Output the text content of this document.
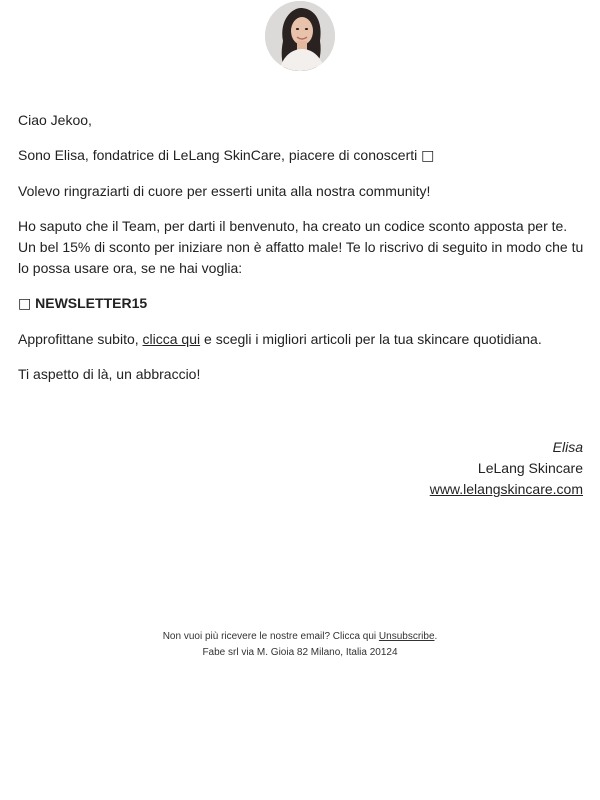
Ciao Jekoo,

Sono Elisa, fondatrice di LeLang SkinCare, piacere di conoscerti □

Volevo ringraziarti di cuore per esserti unita alla nostra community!

Ho saputo che il Team, per darti il benvenuto, ha creato un codice sconto apposta per te. Un bel 15% di sconto per iniziare non è affatto male! Te lo riscrivo di seguito in modo che tu lo possa usare ora, se ne hai voglia:

□ NEWSLETTER15

Approfittane subito, clicca qui e scegli i migliori articoli per la tua skincare quotidiana.

Ti aspetto di là, un abbraccio!

Elisa
LeLang Skincare
www.lelangskincare.com
Non vuoi più ricevere le nostre email? Clicca qui Unsubscribe.
Fabe srl via M. Gioia 82 Milano, Italia 20124
